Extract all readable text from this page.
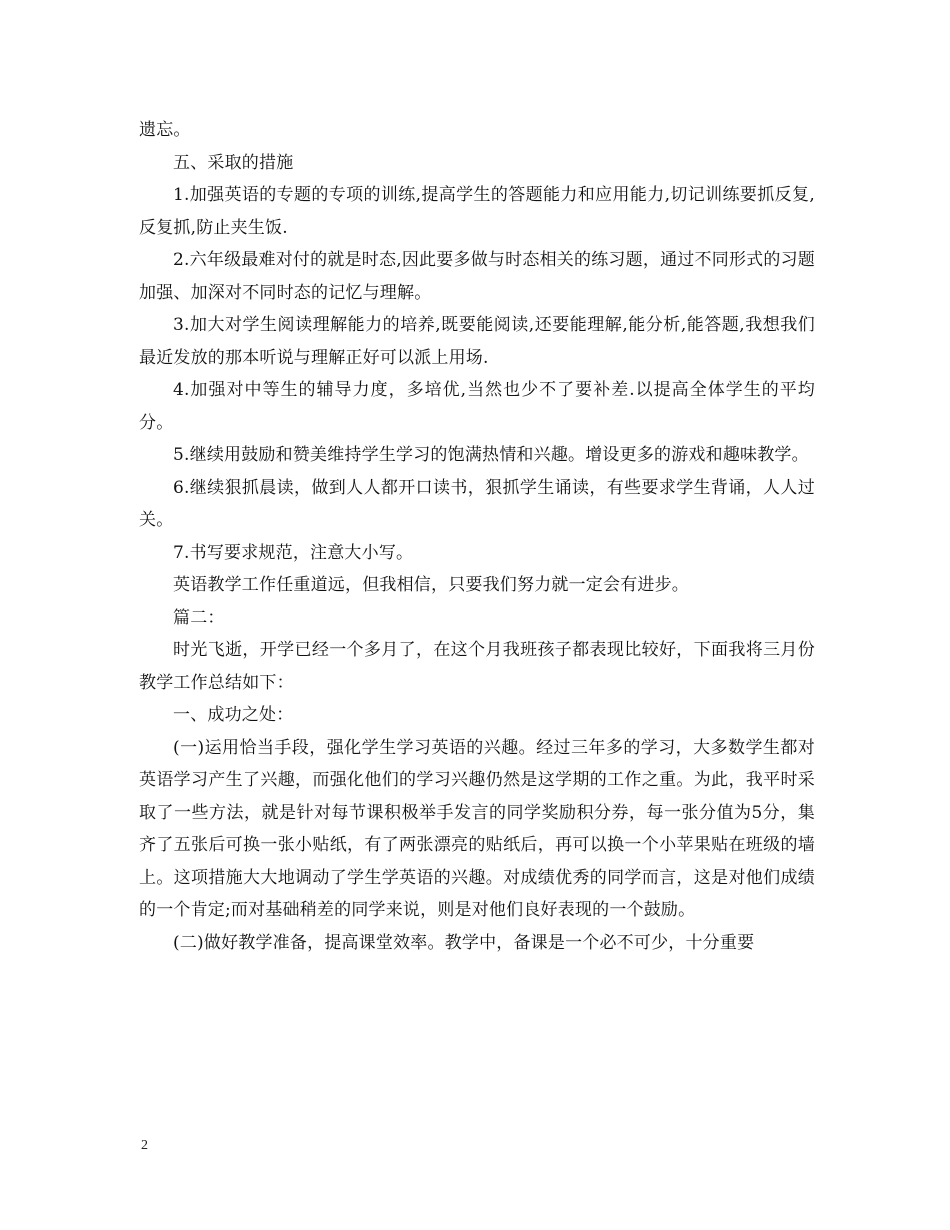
遗忘。

五、采取的措施

1.加强英语的专题的专项的训练,提高学生的答题能力和应用能力,切记训练要抓反复,反复抓,防止夹生饭.

2.六年级最难对付的就是时态,因此要多做与时态相关的练习题，通过不同形式的习题加强、加深对不同时态的记忆与理解。

3.加大对学生阅读理解能力的培养,既要能阅读,还要能理解,能分析,能答题,我想我们最近发放的那本听说与理解正好可以派上用场.

4.加强对中等生的辅导力度，多培优,当然也少不了要补差.以提高全体学生的平均分。

5.继续用鼓励和赞美维持学生学习的饱满热情和兴趣。增设更多的游戏和趣味教学。

6.继续狠抓晨读，做到人人都开口读书，狠抓学生诵读，有些要求学生背诵，人人过关。

7.书写要求规范，注意大小写。

英语教学工作任重道远，但我相信，只要我们努力就一定会有进步。

篇二：

时光飞逝，开学已经一个多月了，在这个月我班孩子都表现比较好，下面我将三月份教学工作总结如下：

一、成功之处：

(一)运用恰当手段，强化学生学习英语的兴趣。经过三年多的学习，大多数学生都对英语学习产生了兴趣，而强化他们的学习兴趣仍然是这学期的工作之重。为此，我平时采取了一些方法，就是针对每节课积极举手发言的同学奖励积分券，每一张分值为5分，集齐了五张后可换一张小贴纸，有了两张漂亮的贴纸后，再可以换一个小苹果贴在班级的墙上。这项措施大大地调动了学生学英语的兴趣。对成绩优秀的同学而言，这是对他们成绩的一个肯定;而对基础稍差的同学来说，则是对他们良好表现的一个鼓励。

(二)做好教学准备，提高课堂效率。教学中，备课是一个必不可少，十分重要

2
